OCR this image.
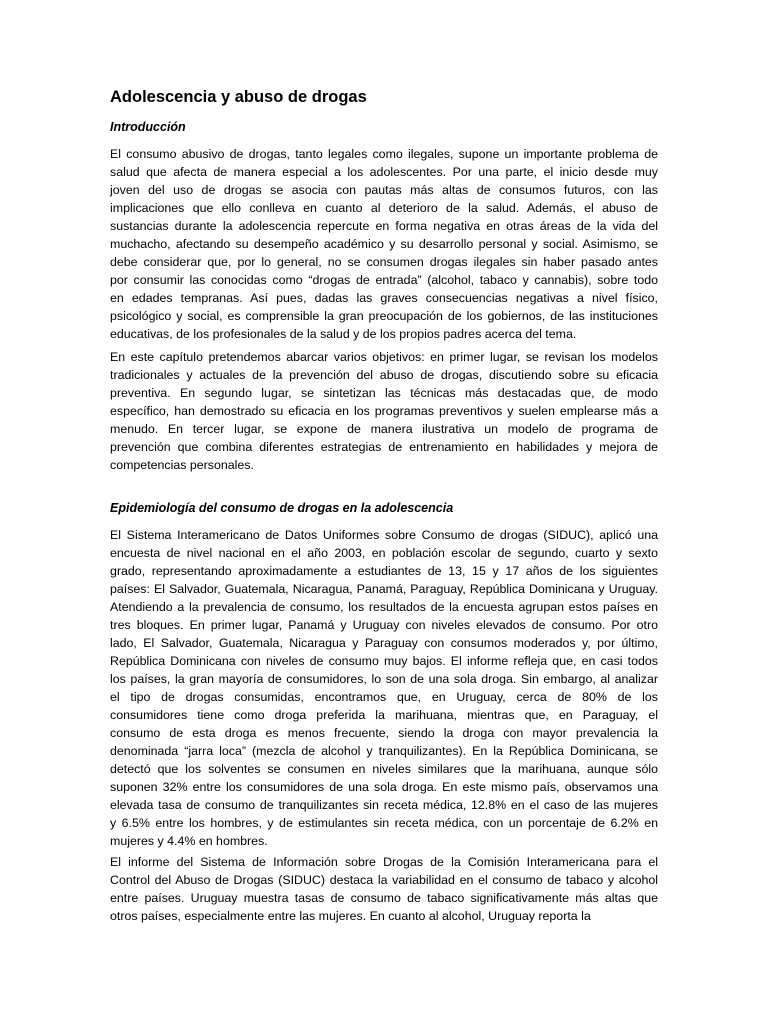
Adolescencia y abuso de drogas
Introducción
El consumo abusivo de drogas, tanto legales como ilegales, supone un importante problema de
salud que afecta de manera especial a los adolescentes. Por una parte, el inicio desde muy
joven del uso de drogas se asocia con pautas más altas de consumos futuros, con las
implicaciones que ello conlleva en cuanto al deterioro de la salud. Además, el abuso de
sustancias durante la adolescencia repercute en forma negativa en otras áreas de la vida del
muchacho, afectando su desempeño académico y su desarrollo personal y social. Asimismo, se
debe considerar que, por lo general, no se consumen drogas ilegales sin haber pasado antes
por consumir las conocidas como “drogas de entrada” (alcohol, tabaco y cannabis), sobre todo
en edades tempranas. Así pues, dadas las graves consecuencias negativas a nivel físico,
psicológico y social, es comprensible la gran preocupación de los gobiernos, de las instituciones
educativas, de los profesionales de la salud y de los propios padres acerca del tema.
En este capítulo pretendemos abarcar varios objetivos: en primer lugar, se revisan los modelos
tradicionales y actuales de la prevención del abuso de drogas, discutiendo sobre su eficacia
preventiva. En segundo lugar, se sintetizan las técnicas más destacadas que, de modo
específico, han demostrado su eficacia en los programas preventivos y suelen emplearse más a
menudo. En tercer lugar, se expone de manera ilustrativa un modelo de programa de
prevención que combina diferentes estrategias de entrenamiento en habilidades y mejora de
competencias personales.
Epidemiología del consumo de drogas en la adolescencia
El Sistema Interamericano de Datos Uniformes sobre Consumo de drogas (SIDUC), aplicó una
encuesta de nivel nacional en el año 2003, en población escolar de segundo, cuarto y sexto
grado, representando aproximadamente a estudiantes de 13, 15 y 17 años de los siguientes
países: El Salvador, Guatemala, Nicaragua, Panamá, Paraguay, República Dominicana y Uruguay.
Atendiendo a la prevalencia de consumo, los resultados de la encuesta agrupan estos países en
tres bloques. En primer lugar, Panamá y Uruguay con niveles elevados de consumo. Por otro
lado, El Salvador, Guatemala, Nicaragua y Paraguay con consumos moderados y, por último,
República Dominicana con niveles de consumo muy bajos. El informe refleja que, en casi todos
los países, la gran mayoría de consumidores, lo son de una sola droga. Sin embargo, al analizar
el tipo de drogas consumidas, encontramos que, en Uruguay, cerca de 80% de los
consumidores tiene como droga preferida la marihuana, mientras que, en Paraguay, el
consumo de esta droga es menos frecuente, siendo la droga con mayor prevalencia la
denominada “jarra loca” (mezcla de alcohol y tranquilizantes). En la República Dominicana, se
detectó que los solventes se consumen en niveles similares que la marihuana, aunque sólo
suponen 32% entre los consumidores de una sola droga. En este mismo país, observamos una
elevada tasa de consumo de tranquilizantes sin receta médica, 12.8% en el caso de las mujeres
y 6.5% entre los hombres, y de estimulantes sin receta médica, con un porcentaje de 6.2% en
mujeres y 4.4% en hombres.
El informe del Sistema de Información sobre Drogas de la Comisión Interamericana para el
Control del Abuso de Drogas (SIDUC) destaca la variabilidad en el consumo de tabaco y alcohol
entre países. Uruguay muestra tasas de consumo de tabaco significativamente más altas que
otros países, especialmente entre las mujeres. En cuanto al alcohol, Uruguay reporta la
